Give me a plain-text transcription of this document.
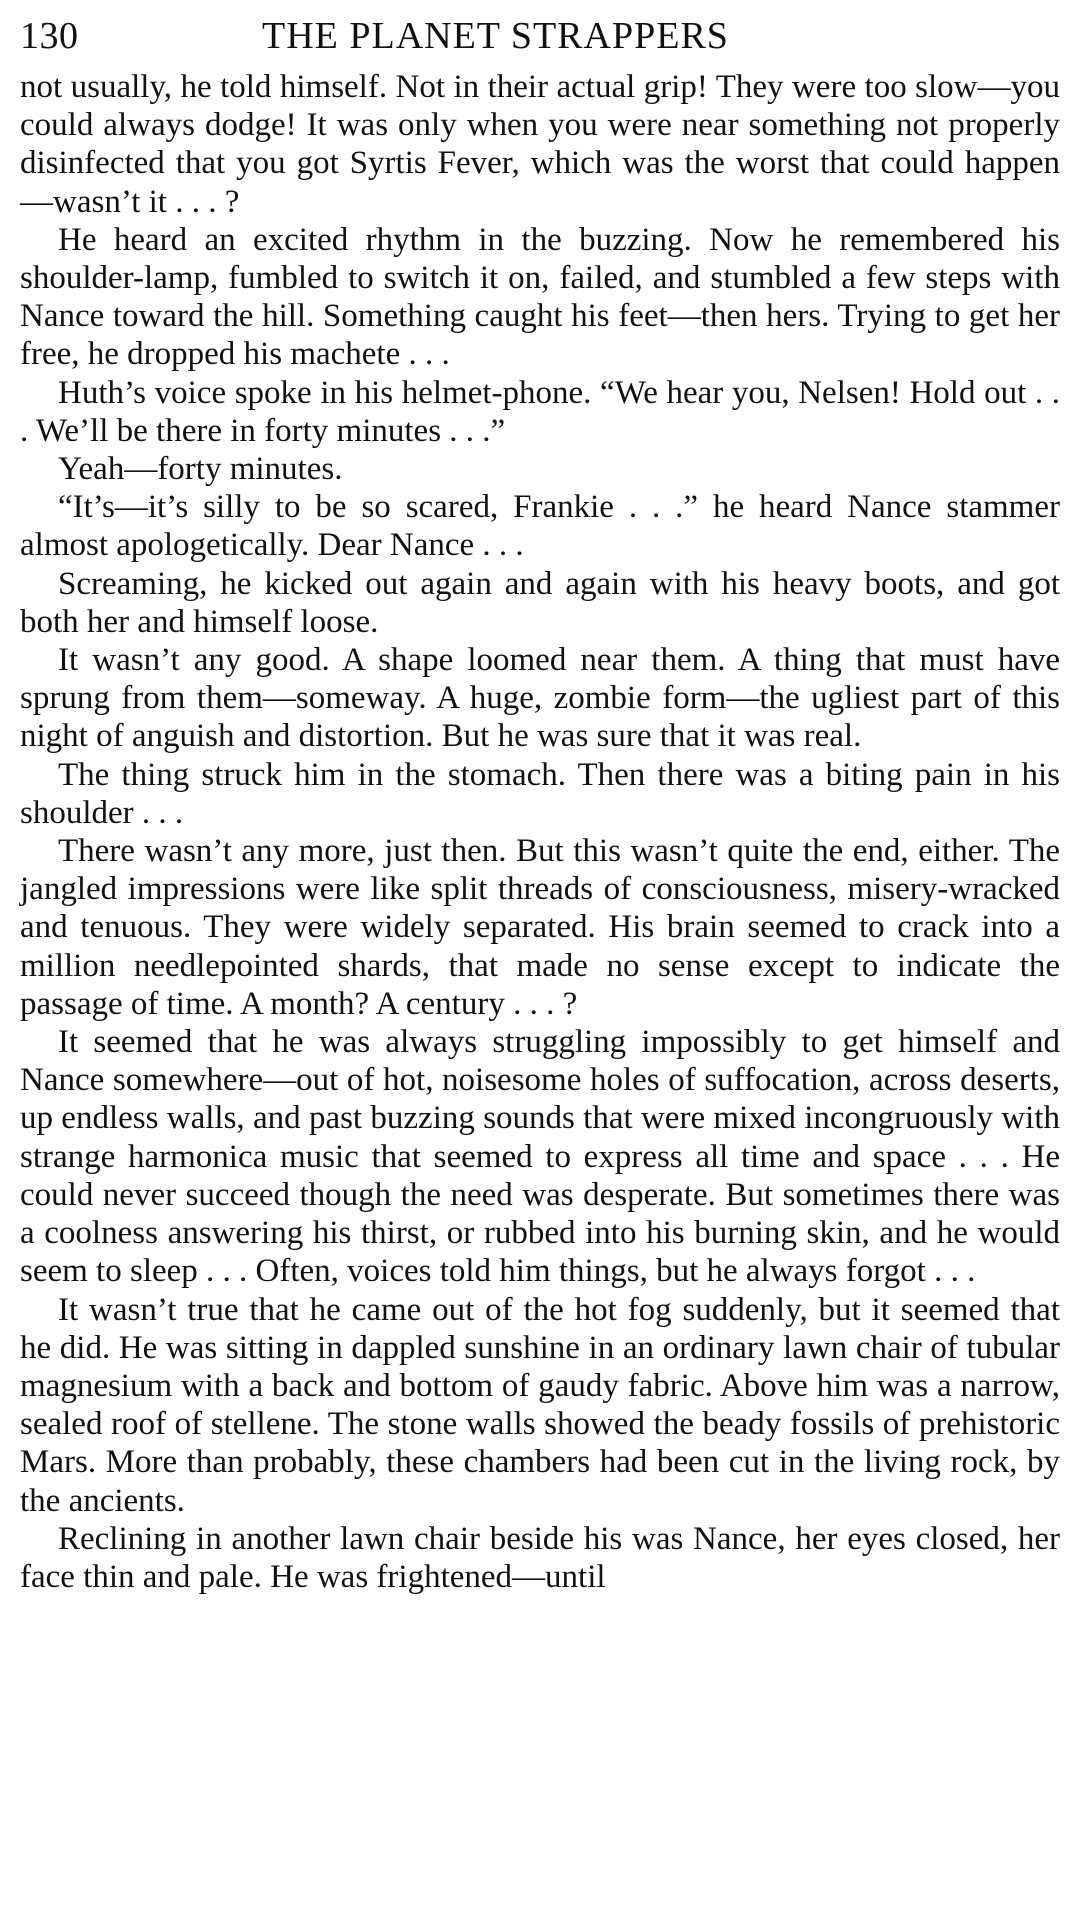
130	THE PLANET STRAPPERS

not usually, he told himself. Not in their actual grip! They were too slow—you could always dodge! It was only when you were near something not properly disinfected that you got Syrtis Fever, which was the worst that could happen—wasn’t it . . . ?

He heard an excited rhythm in the buzzing. Now he remembered his shoulder-lamp, fumbled to switch it on, failed, and stumbled a few steps with Nance toward the hill. Something caught his feet—then hers. Trying to get her free, he dropped his machete . . .

Huth’s voice spoke in his helmet-phone. “We hear you, Nelsen! Hold out . . . We’ll be there in forty minutes . . .”

Yeah—forty minutes.

“It’s—it’s silly to be so scared, Frankie . . .” he heard Nance stammer almost apologetically. Dear Nance . . .

Screaming, he kicked out again and again with his heavy boots, and got both her and himself loose.

It wasn’t any good. A shape loomed near them. A thing that must have sprung from them—someway. A huge, zombie form—the ugliest part of this night of anguish and distortion. But he was sure that it was real.

The thing struck him in the stomach. Then there was a biting pain in his shoulder . . .

There wasn’t any more, just then. But this wasn’t quite the end, either. The jangled impressions were like split threads of consciousness, misery-wracked and tenuous. They were widely separated. His brain seemed to crack into a million needlepointed shards, that made no sense except to indicate the passage of time. A month? A century . . . ?

It seemed that he was always struggling impossibly to get himself and Nance somewhere—out of hot, noisesome holes of suffocation, across deserts, up endless walls, and past buzzing sounds that were mixed incongruously with strange harmonica music that seemed to express all time and space . . . He could never succeed though the need was desperate. But sometimes there was a coolness answering his thirst, or rubbed into his burning skin, and he would seem to sleep . . . Often, voices told him things, but he always forgot . . .

It wasn’t true that he came out of the hot fog suddenly, but it seemed that he did. He was sitting in dappled sunshine in an ordinary lawn chair of tubular magnesium with a back and bottom of gaudy fabric. Above him was a narrow, sealed roof of stellene. The stone walls showed the beady fossils of prehistoric Mars. More than probably, these chambers had been cut in the living rock, by the ancients.

Reclining in another lawn chair beside his was Nance, her eyes closed, her face thin and pale. He was frightened—until
